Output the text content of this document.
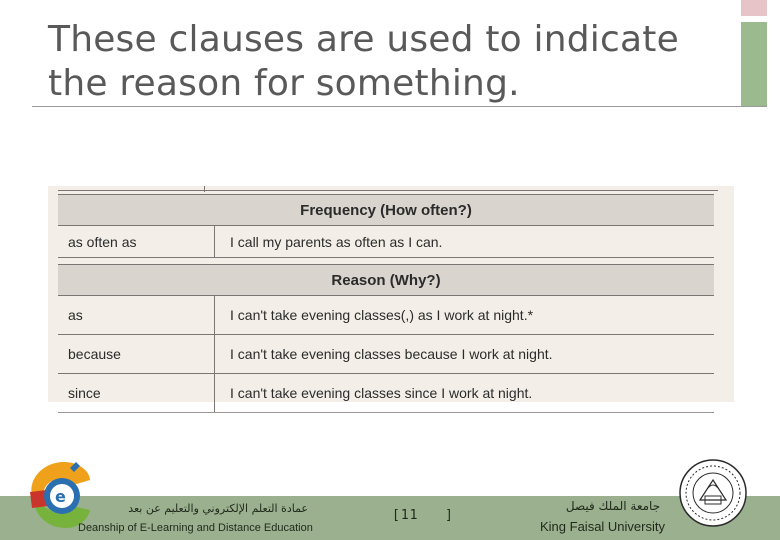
These clauses are used to indicate the reason for something.
Frequency (How often?)	
as often as	I call my parents as often as I can.

Reason (Why?)	
as	I can't take evening classes(,) as I work at night.*
because	I can't take evening classes because I work at night.
since	I can't take evening classes since I work at night.
e
عمادة التعلم الإلكتروني والتعليم عن بعد
Deanship of E-Learning and Distance Education
[11   ]
جامعة الملك فيصل
King Faisal University
